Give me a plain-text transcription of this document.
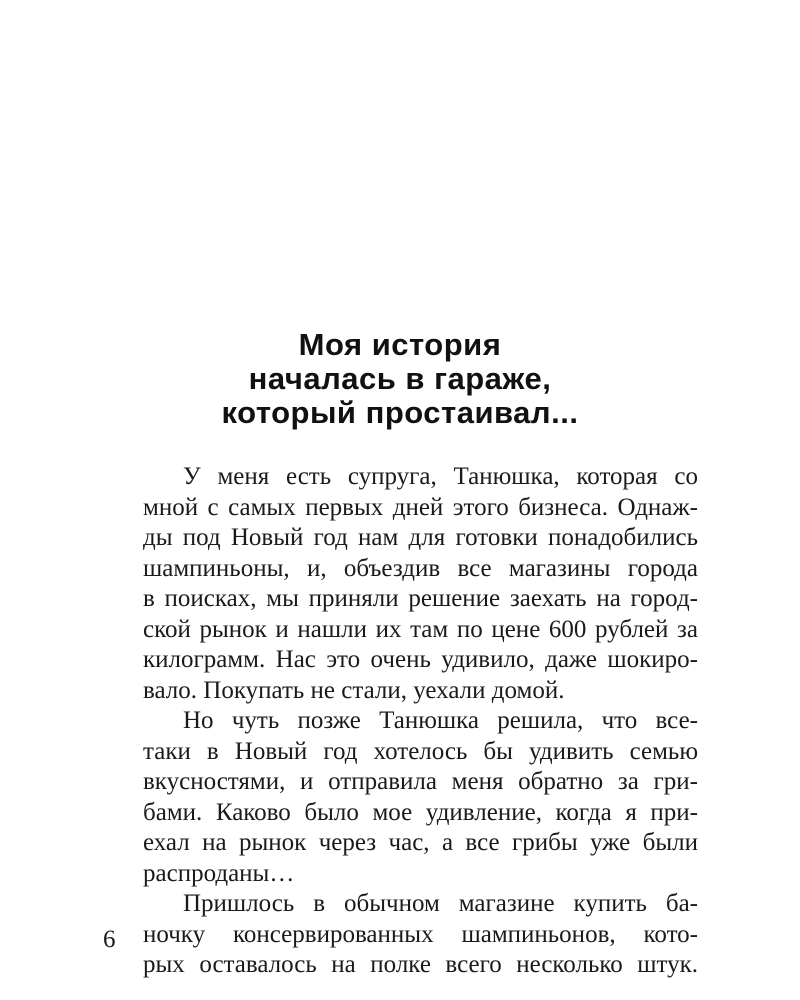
Моя история
началась в гараже,
который простаивал...
У меня есть супруга, Танюшка, которая со
мной с самых первых дней этого бизнеса. Однаж-
ды под Новый год нам для готовки понадобились
шампиньоны, и, объездив все магазины города
в поисках, мы приняли решение заехать на город-
ской рынок и нашли их там по цене 600 рублей за
килограмм. Нас это очень удивило, даже шокиро-
вало. Покупать не стали, уехали домой.
Но чуть позже Танюшка решила, что все-
таки в Новый год хотелось бы удивить семью
вкусностями, и отправила меня обратно за гри-
бами. Каково было мое удивление, когда я при-
ехал на рынок через час, а все грибы уже были
распроданы…
Пришлось в обычном магазине купить ба-
ночку консервированных шампиньонов, кото-
рых оставалось на полке всего несколько штук.
6
